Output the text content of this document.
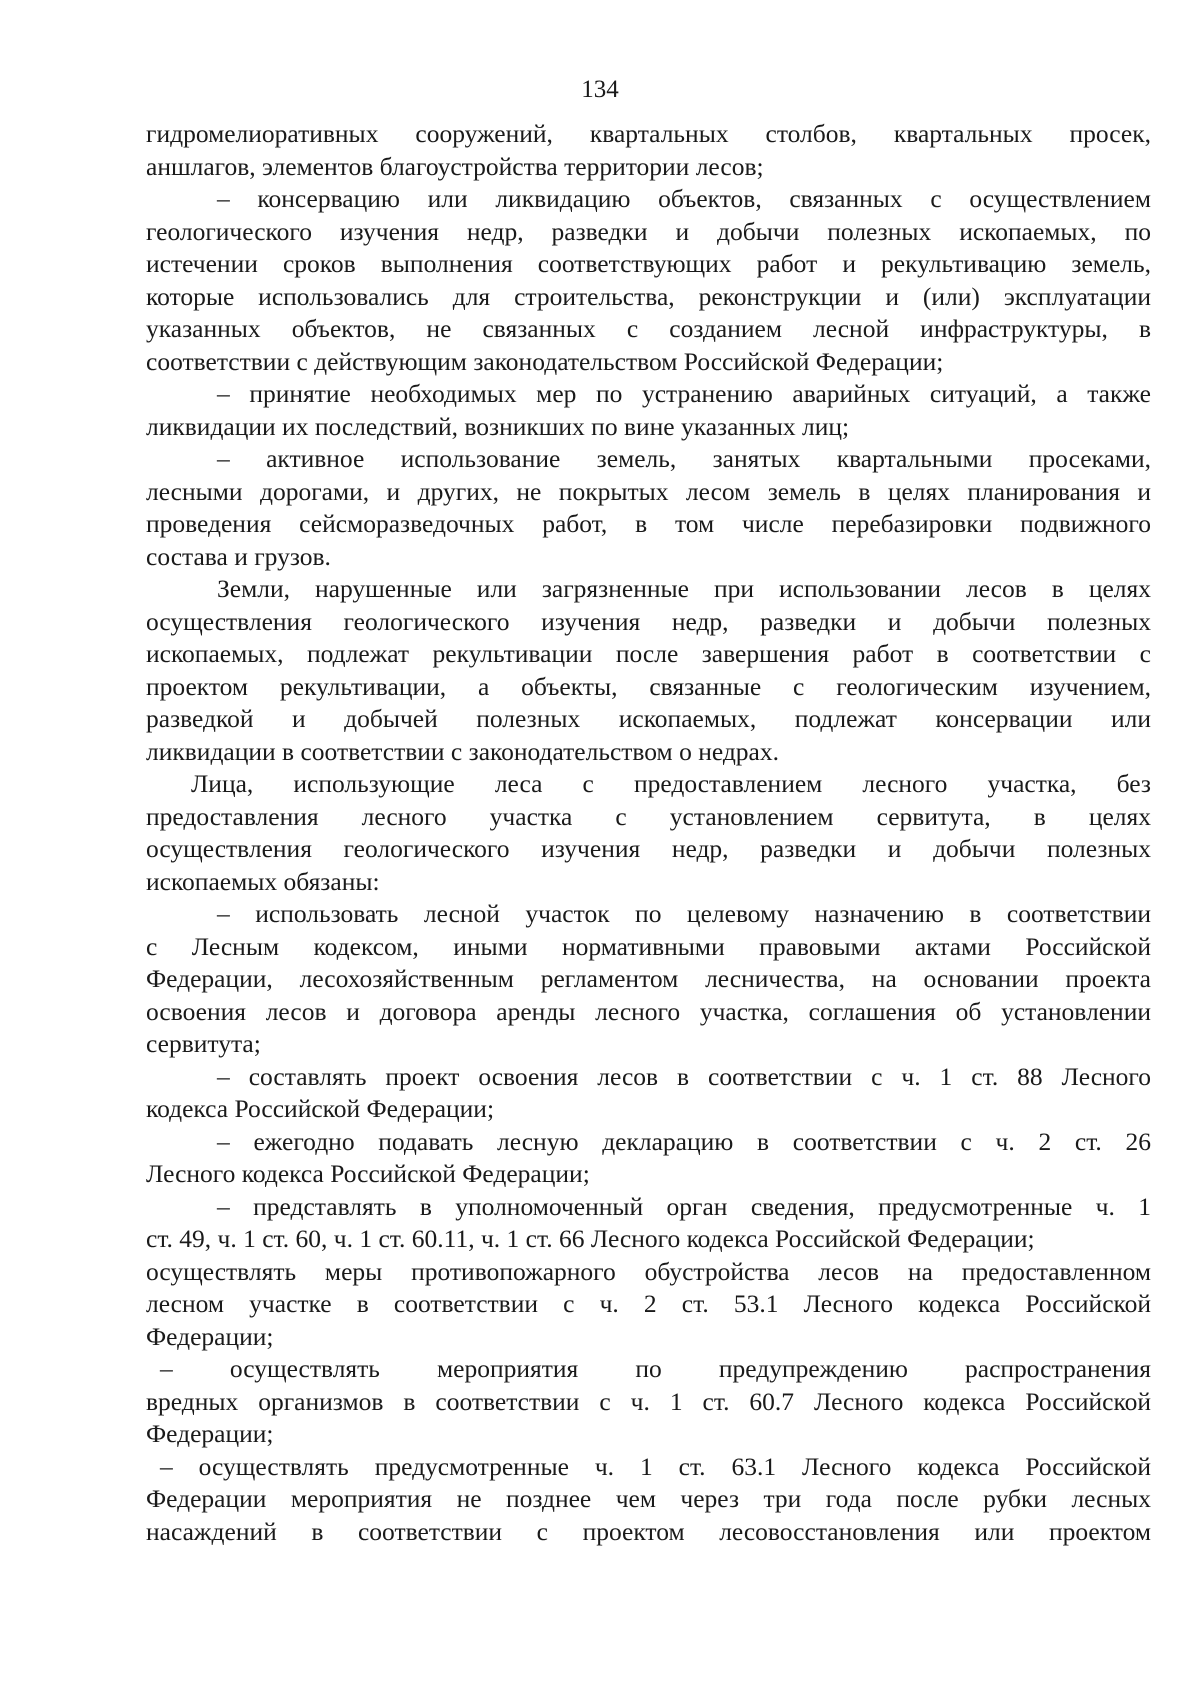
134
гидромелиоративных сооружений, квартальных столбов, квартальных просек,
аншлагов, элементов благоустройства территории лесов;
– консервацию или ликвидацию объектов, связанных с осуществлением
геологического изучения недр, разведки и добычи полезных ископаемых, по
истечении сроков выполнения соответствующих работ и рекультивацию земель,
которые использовались для строительства, реконструкции и (или) эксплуатации
указанных объектов, не связанных с созданием лесной инфраструктуры, в
соответствии с действующим законодательством Российской Федерации;
– принятие необходимых мер по устранению аварийных ситуаций, а также
ликвидации их последствий, возникших по вине указанных лиц;
– активное использование земель, занятых квартальными просеками,
лесными дорогами, и других, не покрытых лесом земель в целях планирования и
проведения сейсморазведочных работ, в том числе перебазировки подвижного
состава и грузов.
Земли, нарушенные или загрязненные при использовании лесов в целях
осуществления геологического изучения недр, разведки и добычи полезных
ископаемых, подлежат рекультивации после завершения работ в соответствии с
проектом рекультивации, а объекты, связанные с геологическим изучением,
разведкой и добычей полезных ископаемых, подлежат консервации или
ликвидации в соответствии с законодательством о недрах.
Лица, использующие леса с предоставлением лесного участка, без
предоставления лесного участка с установлением сервитута, в целях
осуществления геологического изучения недр, разведки и добычи полезных
ископаемых обязаны:
– использовать лесной участок по целевому назначению в соответствии
с Лесным кодексом, иными нормативными правовыми актами Российской
Федерации, лесохозяйственным регламентом лесничества, на основании проекта
освоения лесов и договора аренды лесного участка, соглашения об установлении
сервитута;
– составлять проект освоения лесов в соответствии с ч. 1 ст. 88 Лесного
кодекса Российской Федерации;
– ежегодно подавать лесную декларацию в соответствии с ч. 2 ст. 26
Лесного кодекса Российской Федерации;
– представлять в уполномоченный орган сведения, предусмотренные ч. 1
ст. 49, ч. 1 ст. 60, ч. 1 ст. 60.11, ч. 1 ст. 66 Лесного кодекса Российской Федерации;
осуществлять меры противопожарного обустройства лесов на предоставленном
лесном участке в соответствии с ч. 2 ст. 53.1 Лесного кодекса Российской
Федерации;
– осуществлять мероприятия по предупреждению распространения
вредных организмов в соответствии с ч. 1 ст. 60.7 Лесного кодекса Российской
Федерации;
– осуществлять предусмотренные ч. 1 ст. 63.1 Лесного кодекса Российской
Федерации мероприятия не позднее чем через три года после рубки лесных
насаждений в соответствии с проектом лесовосстановления или проектом
